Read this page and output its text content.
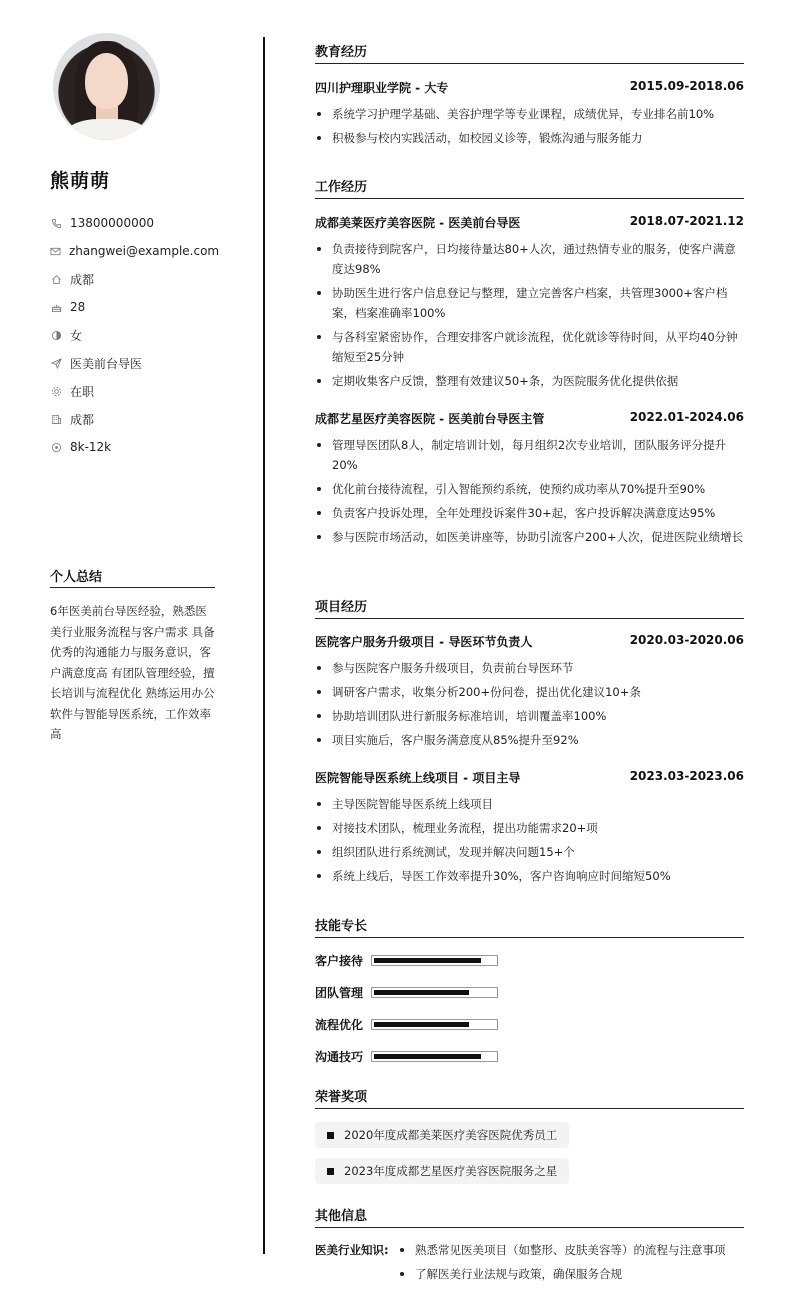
熊萌萌
13800000000
zhangwei@example.com
成都
28
女
医美前台导医
在职
成都
8k-12k
个人总结
6年医美前台导医经验，熟悉医美行业服务流程与客户需求 具备优秀的沟通能力与服务意识，客户满意度高 有团队管理经验，擅长培训与流程优化 熟练运用办公软件与智能导医系统，工作效率高
教育经历
四川护理职业学院 - 大专	2015.09-2018.06
系统学习护理学基础、美容护理学等专业课程，成绩优异，专业排名前10%
积极参与校内实践活动，如校园义诊等，锻炼沟通与服务能力
工作经历
成都美莱医疗美容医院 - 医美前台导医	2018.07-2021.12
负责接待到院客户，日均接待量达80+人次，通过热情专业的服务，使客户满意度达98%
协助医生进行客户信息登记与整理，建立完善客户档案，共管理3000+客户档案，档案准确率100%
与各科室紧密协作，合理安排客户就诊流程，优化就诊等待时间，从平均40分钟缩短至25分钟
定期收集客户反馈，整理有效建议50+条，为医院服务优化提供依据
成都艺星医疗美容医院 - 医美前台导医主管	2022.01-2024.06
管理导医团队8人，制定培训计划，每月组织2次专业培训，团队服务评分提升20%
优化前台接待流程，引入智能预约系统，使预约成功率从70%提升至90%
负责客户投诉处理，全年处理投诉案件30+起，客户投诉解决满意度达95%
参与医院市场活动，如医美讲座等，协助引流客户200+人次，促进医院业绩增长
项目经历
医院客户服务升级项目 - 导医环节负责人	2020.03-2020.06
参与医院客户服务升级项目，负责前台导医环节
调研客户需求，收集分析200+份问卷，提出优化建议10+条
协助培训团队进行新服务标准培训，培训覆盖率100%
项目实施后，客户服务满意度从85%提升至92%
医院智能导医系统上线项目 - 项目主导	2023.03-2023.06
主导医院智能导医系统上线项目
对接技术团队，梳理业务流程，提出功能需求20+项
组织团队进行系统测试，发现并解决问题15+个
系统上线后，导医工作效率提升30%，客户咨询响应时间缩短50%
技能专长
客户接待
团队管理
流程优化
沟通技巧
荣誉奖项
2020年度成都美莱医疗美容医院优秀员工
2023年度成都艺星医疗美容医院服务之星
其他信息
医美行业知识:	熟悉常见医美项目（如整形、皮肤美容等）的流程与注意事项
了解医美行业法规与政策，确保服务合规
